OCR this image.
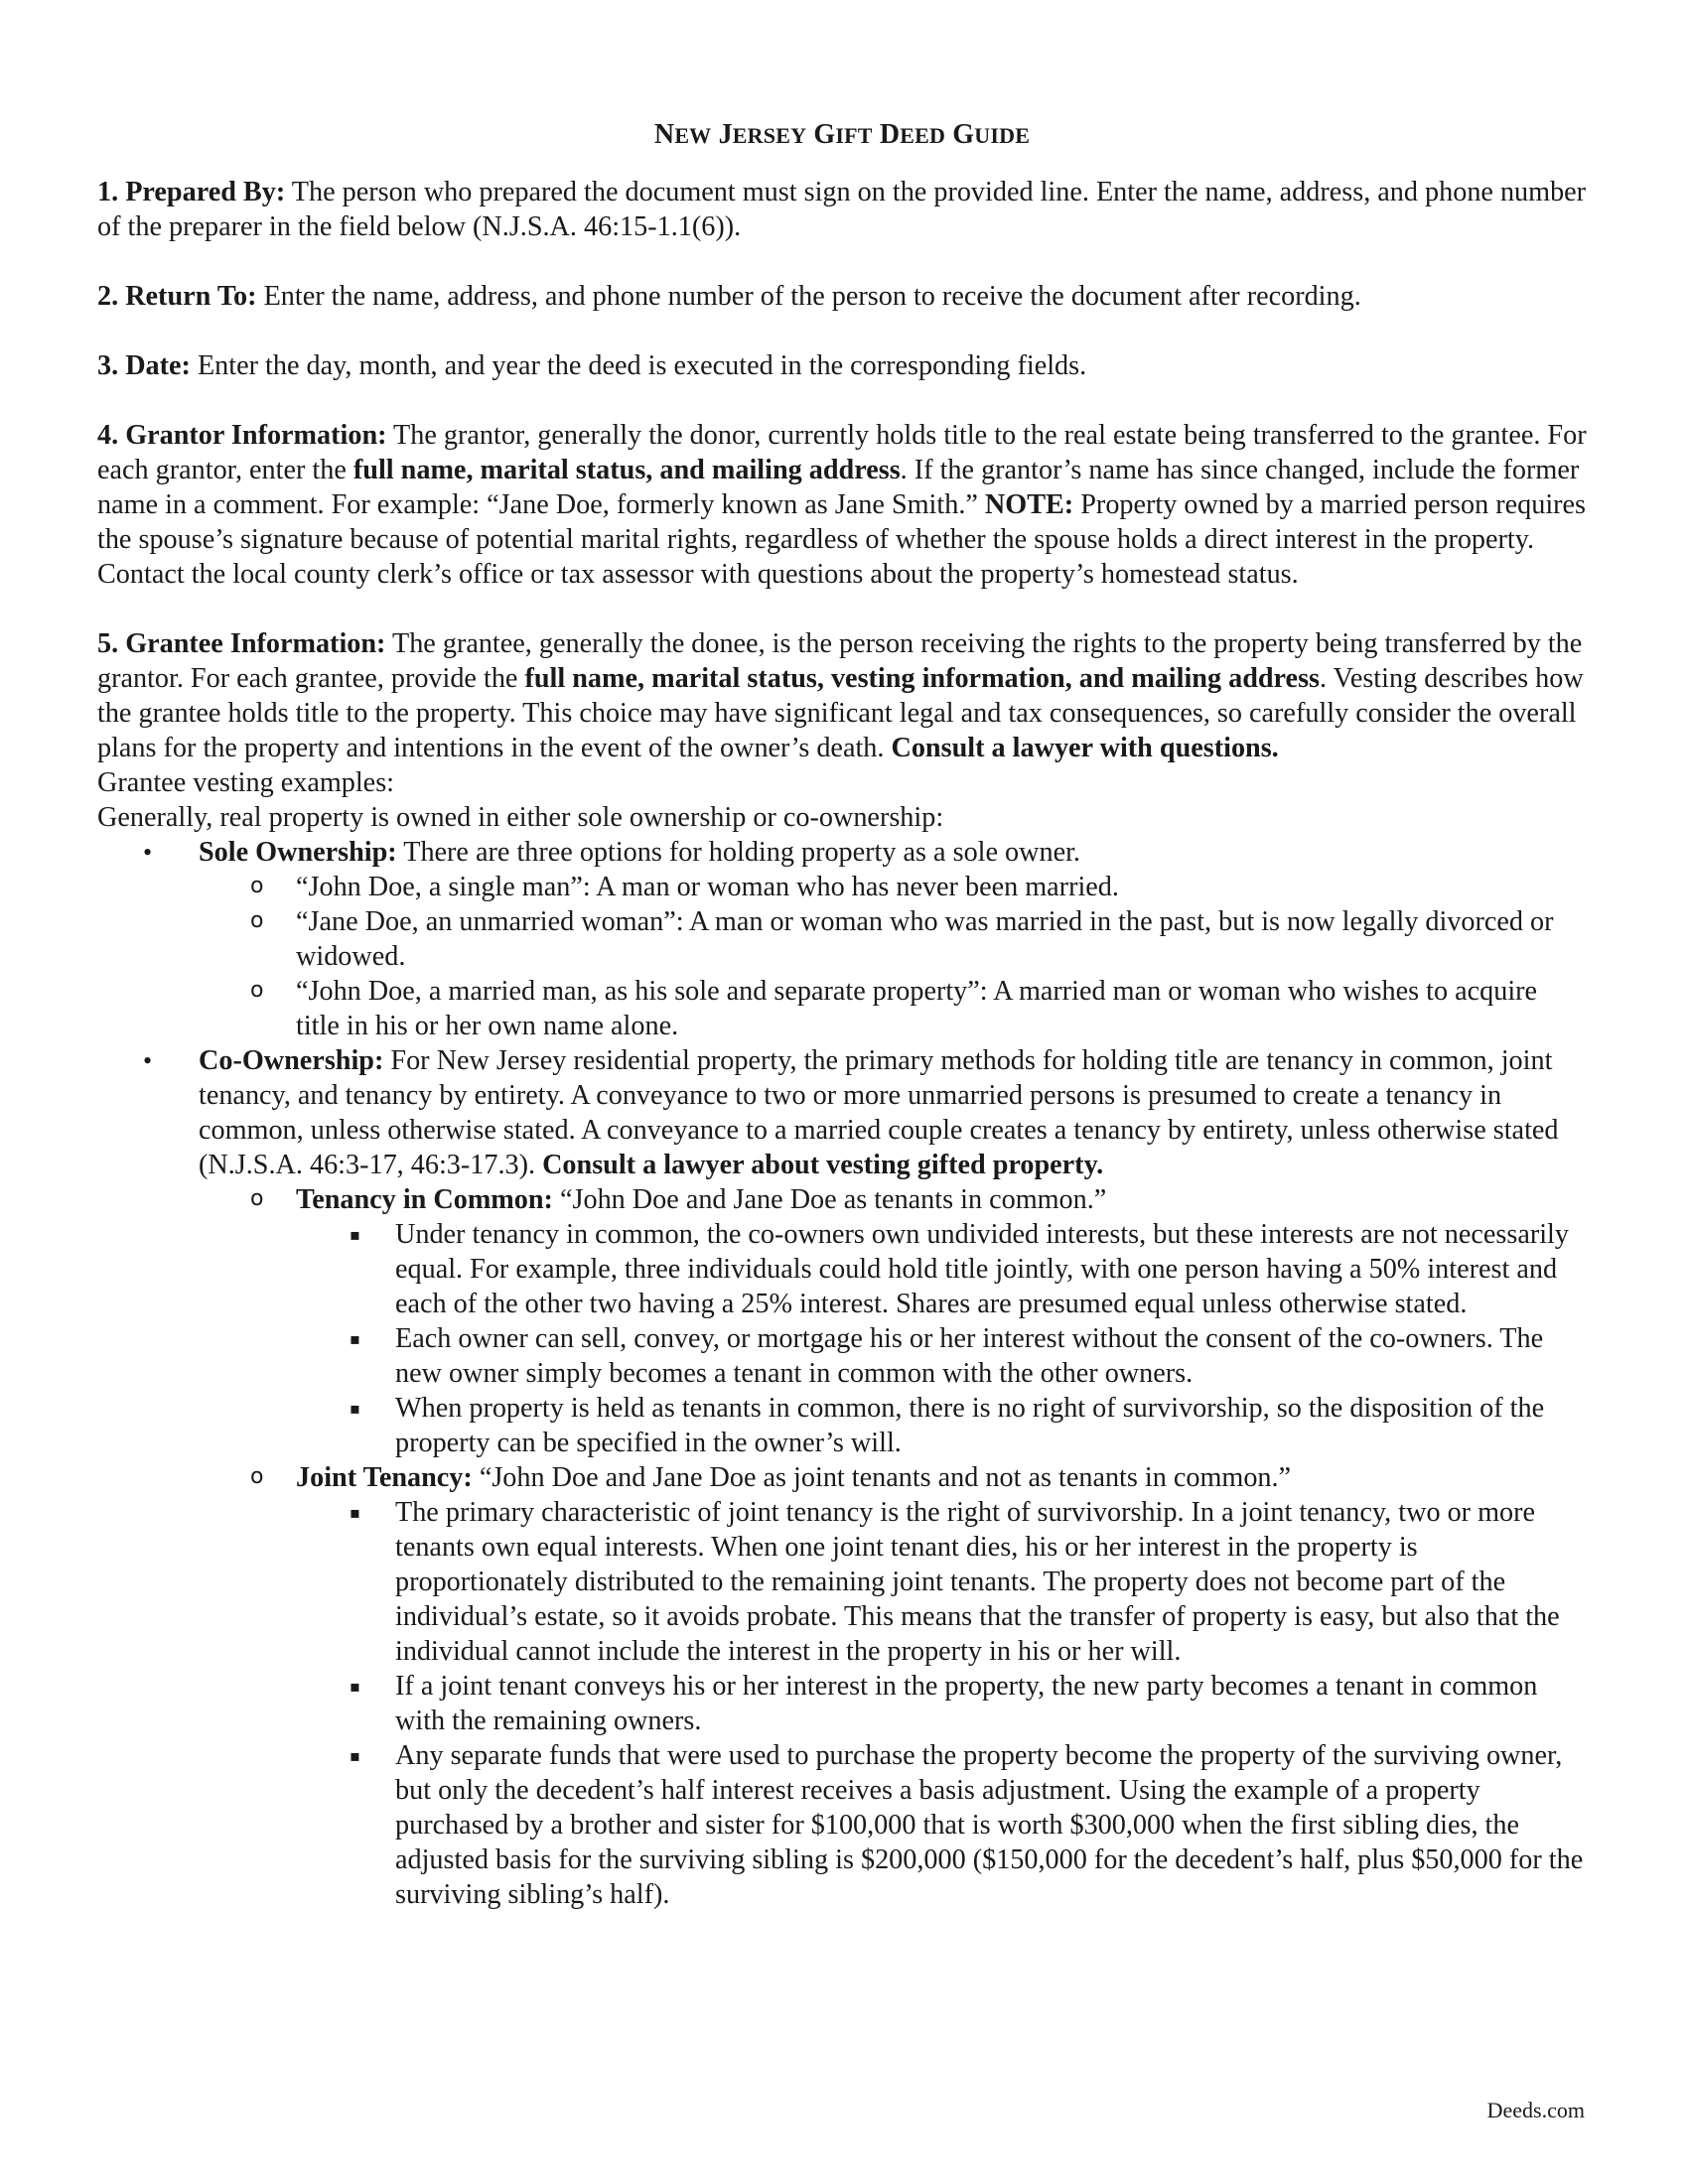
NEW JERSEY GIFT DEED GUIDE

1. Prepared By: The person who prepared the document must sign on the provided line. Enter the name, address, and phone number of the preparer in the field below (N.J.S.A. 46:15-1.1(6)).

2. Return To: Enter the name, address, and phone number of the person to receive the document after recording.

3. Date: Enter the day, month, and year the deed is executed in the corresponding fields.

4. Grantor Information: The grantor, generally the donor, currently holds title to the real estate being transferred to the grantee. For each grantor, enter the full name, marital status, and mailing address. If the grantor’s name has since changed, include the former name in a comment. For example: “Jane Doe, formerly known as Jane Smith.” NOTE: Property owned by a married person requires the spouse’s signature because of potential marital rights, regardless of whether the spouse holds a direct interest in the property. Contact the local county clerk’s office or tax assessor with questions about the property’s homestead status.

5. Grantee Information: The grantee, generally the donee, is the person receiving the rights to the property being transferred by the grantor. For each grantee, provide the full name, marital status, vesting information, and mailing address. Vesting describes how the grantee holds title to the property. This choice may have significant legal and tax consequences, so carefully consider the overall plans for the property and intentions in the event of the owner’s death. Consult a lawyer with questions.

Grantee vesting examples:

Generally, real property is owned in either sole ownership or co-ownership:

• Sole Ownership: There are three options for holding property as a sole owner.
o “John Doe, a single man”: A man or woman who has never been married.
o “Jane Doe, an unmarried woman”: A man or woman who was married in the past, but is now legally divorced or widowed.
o “John Doe, a married man, as his sole and separate property”: A married man or woman who wishes to acquire title in his or her own name alone.
• Co-Ownership: For New Jersey residential property, the primary methods for holding title are tenancy in common, joint tenancy, and tenancy by entirety. A conveyance to two or more unmarried persons is presumed to create a tenancy in common, unless otherwise stated. A conveyance to a married couple creates a tenancy by entirety, unless otherwise stated (N.J.S.A. 46:3-17, 46:3-17.3). Consult a lawyer about vesting gifted property.
o Tenancy in Common: “John Doe and Jane Doe as tenants in common.”
▪ Under tenancy in common, the co-owners own undivided interests, but these interests are not necessarily equal. For example, three individuals could hold title jointly, with one person having a 50% interest and each of the other two having a 25% interest. Shares are presumed equal unless otherwise stated.
▪ Each owner can sell, convey, or mortgage his or her interest without the consent of the co-owners. The new owner simply becomes a tenant in common with the other owners.
▪ When property is held as tenants in common, there is no right of survivorship, so the disposition of the property can be specified in the owner’s will.
o Joint Tenancy: “John Doe and Jane Doe as joint tenants and not as tenants in common.”
▪ The primary characteristic of joint tenancy is the right of survivorship. In a joint tenancy, two or more tenants own equal interests. When one joint tenant dies, his or her interest in the property is proportionately distributed to the remaining joint tenants. The property does not become part of the individual’s estate, so it avoids probate. This means that the transfer of property is easy, but also that the individual cannot include the interest in the property in his or her will.
▪ If a joint tenant conveys his or her interest in the property, the new party becomes a tenant in common with the remaining owners.
▪ Any separate funds that were used to purchase the property become the property of the surviving owner, but only the decedent’s half interest receives a basis adjustment. Using the example of a property purchased by a brother and sister for $100,000 that is worth $300,000 when the first sibling dies, the adjusted basis for the surviving sibling is $200,000 ($150,000 for the decedent’s half, plus $50,000 for the surviving sibling’s half).
Deeds.com
